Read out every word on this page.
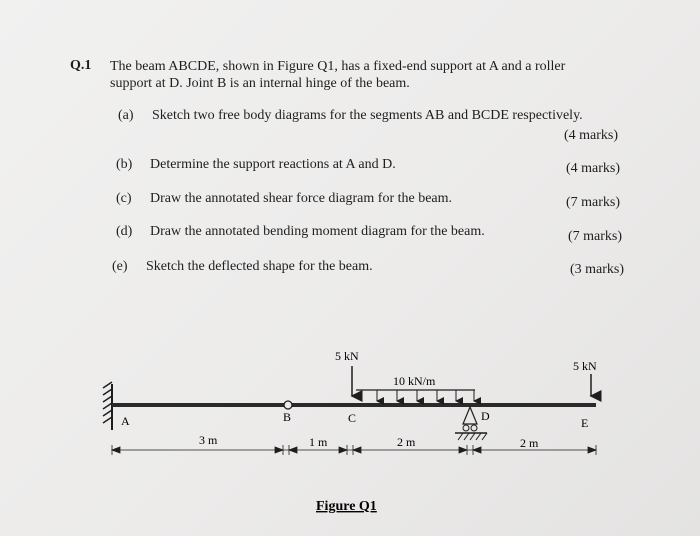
Q.1 The beam ABCDE, shown in Figure Q1, has a fixed-end support at A and a roller
support at D. Joint B is an internal hinge of the beam.
(a) Sketch two free body diagrams for the segments AB and BCDE respectively.
(4 marks)
(b) Determine the support reactions at A and D.	(4 marks)
(c) Draw the annotated shear force diagram for the beam.	(7 marks)
(d) Draw the annotated bending moment diagram for the beam.	(7 marks)
(e) Sketch the deflected shape for the beam.	(3 marks)
5 kN
10 kN/m
5 kN
A	B	C	D	E
3 m	1 m	2 m	2 m
Figure Q1
